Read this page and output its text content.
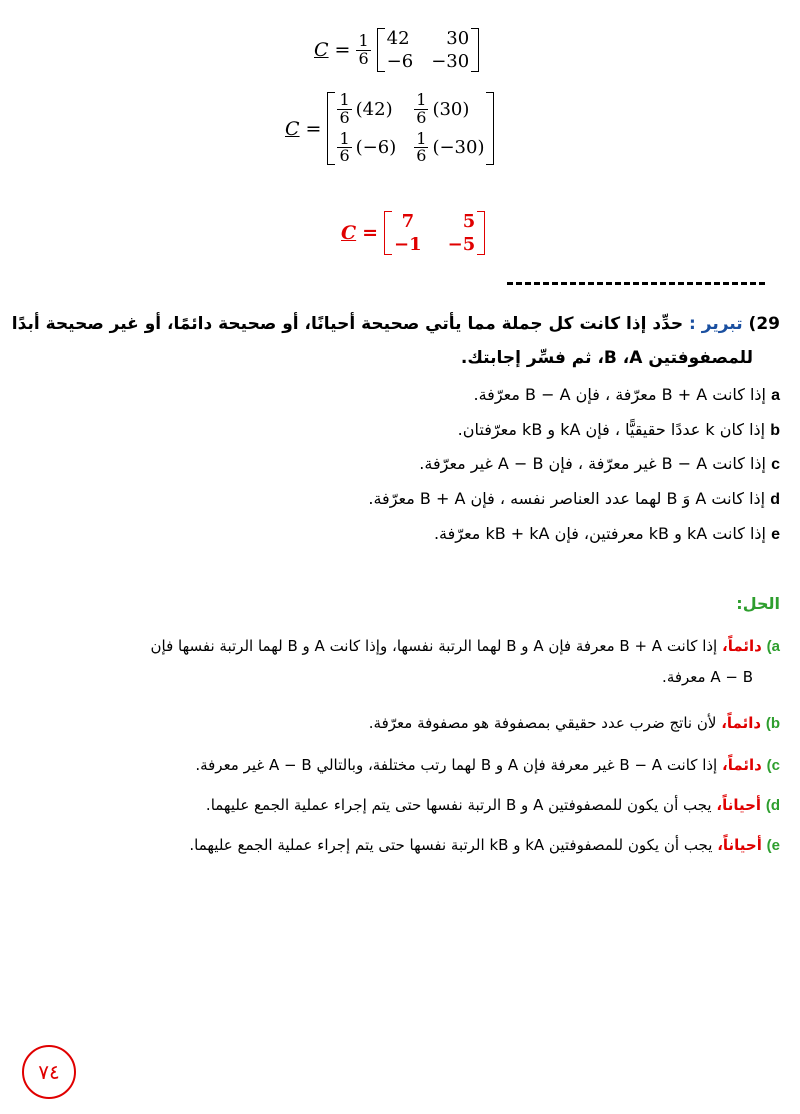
$C = \frac{1}{6} 42$	30
−6 −30
C =
$\frac{1}{6} (42) \frac{1}{6} (30)$
$\frac{1}{6} (-6) \frac{1}{6} (-30)$
C =
7	5
−1 −5
29) تبرير : حدِّد إذا كانت كل جملة مما يأتي صحيحة أحيانًا، أو صحيحة دائمًا، أو غير صحيحة أبدًا
للمصفوفتين B ،A، ثم فسِّر إجابتك.
a إذا كانت B + A معرّفة ، فإن B − A معرّفة.
b إذا كان k عددًا حقيقيًّا ، فإن kA و kB معرّفتان.
c إذا كانت B − A غير معرّفة ، فإن A − B غير معرّفة.
d إذا كانت A وَ B لهما عدد العناصر نفسه ، فإن B + A معرّفة.
e إذا كانت kA و kB معرفتين، فإن kB + kA معرّفة.
الحل:
a) دائماً، إذا كانت B + A معرفة فإن A و B لهما الرتبة نفسها، وإذا كانت A و B لهما الرتبة نفسها فإن
A − B معرفة.
b) دائماً، لأن ناتج ضرب عدد حقيقي بمصفوفة هو مصفوفة معرّفة.
c) دائماً، إذا كانت B − A غير معرفة فإن A و B لهما رتب مختلفة، وبالتالي A − B غير معرفة.
d) أحياناً، يجب أن يكون للمصفوفتين A و B الرتبة نفسها حتى يتم إجراء عملية الجمع عليهما.
e) أحياناً، يجب أن يكون للمصفوفتين kA و kB الرتبة نفسها حتى يتم إجراء عملية الجمع عليهما.
٧٤
